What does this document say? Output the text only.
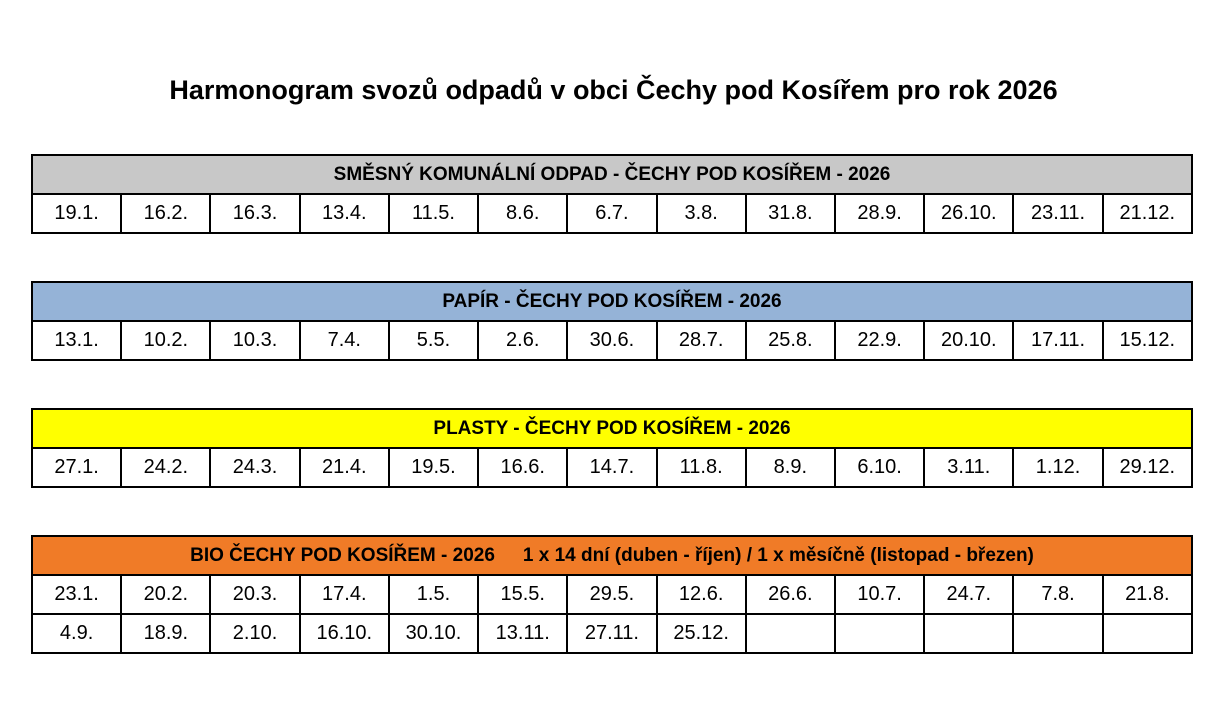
Harmonogram svozů odpadů v obci Čechy pod Kosířem pro rok 2026
SMĚSNÝ KOMUNÁLNÍ ODPAD - ČECHY POD KOSÍŘEM - 2026
19.1.	16.2.	16.3.	13.4.	11.5.	8.6.	6.7.	3.8.	31.8.	28.9.	26.10.	23.11.	21.12.
PAPÍR - ČECHY POD KOSÍŘEM - 2026
13.1.	10.2.	10.3.	7.4.	5.5.	2.6.	30.6.	28.7.	25.8.	22.9.	20.10.	17.11.	15.12.
PLASTY - ČECHY POD KOSÍŘEM - 2026
27.1.	24.2.	24.3.	21.4.	19.5.	16.6.	14.7.	11.8.	8.9.	6.10.	3.11.	1.12.	29.12.
BIO ČECHY POD KOSÍŘEM - 2026 1 x 14 dní (duben - říjen) / 1 x měsíčně (listopad - březen)												
23.1.	20.2.	20.3.	17.4.	1.5.	15.5.	29.5.	12.6.	26.6.	10.7.	24.7.	7.8.	21.8.
4.9.	18.9.	2.10.	16.10.	30.10.	13.11.	27.11.	25.12.					
